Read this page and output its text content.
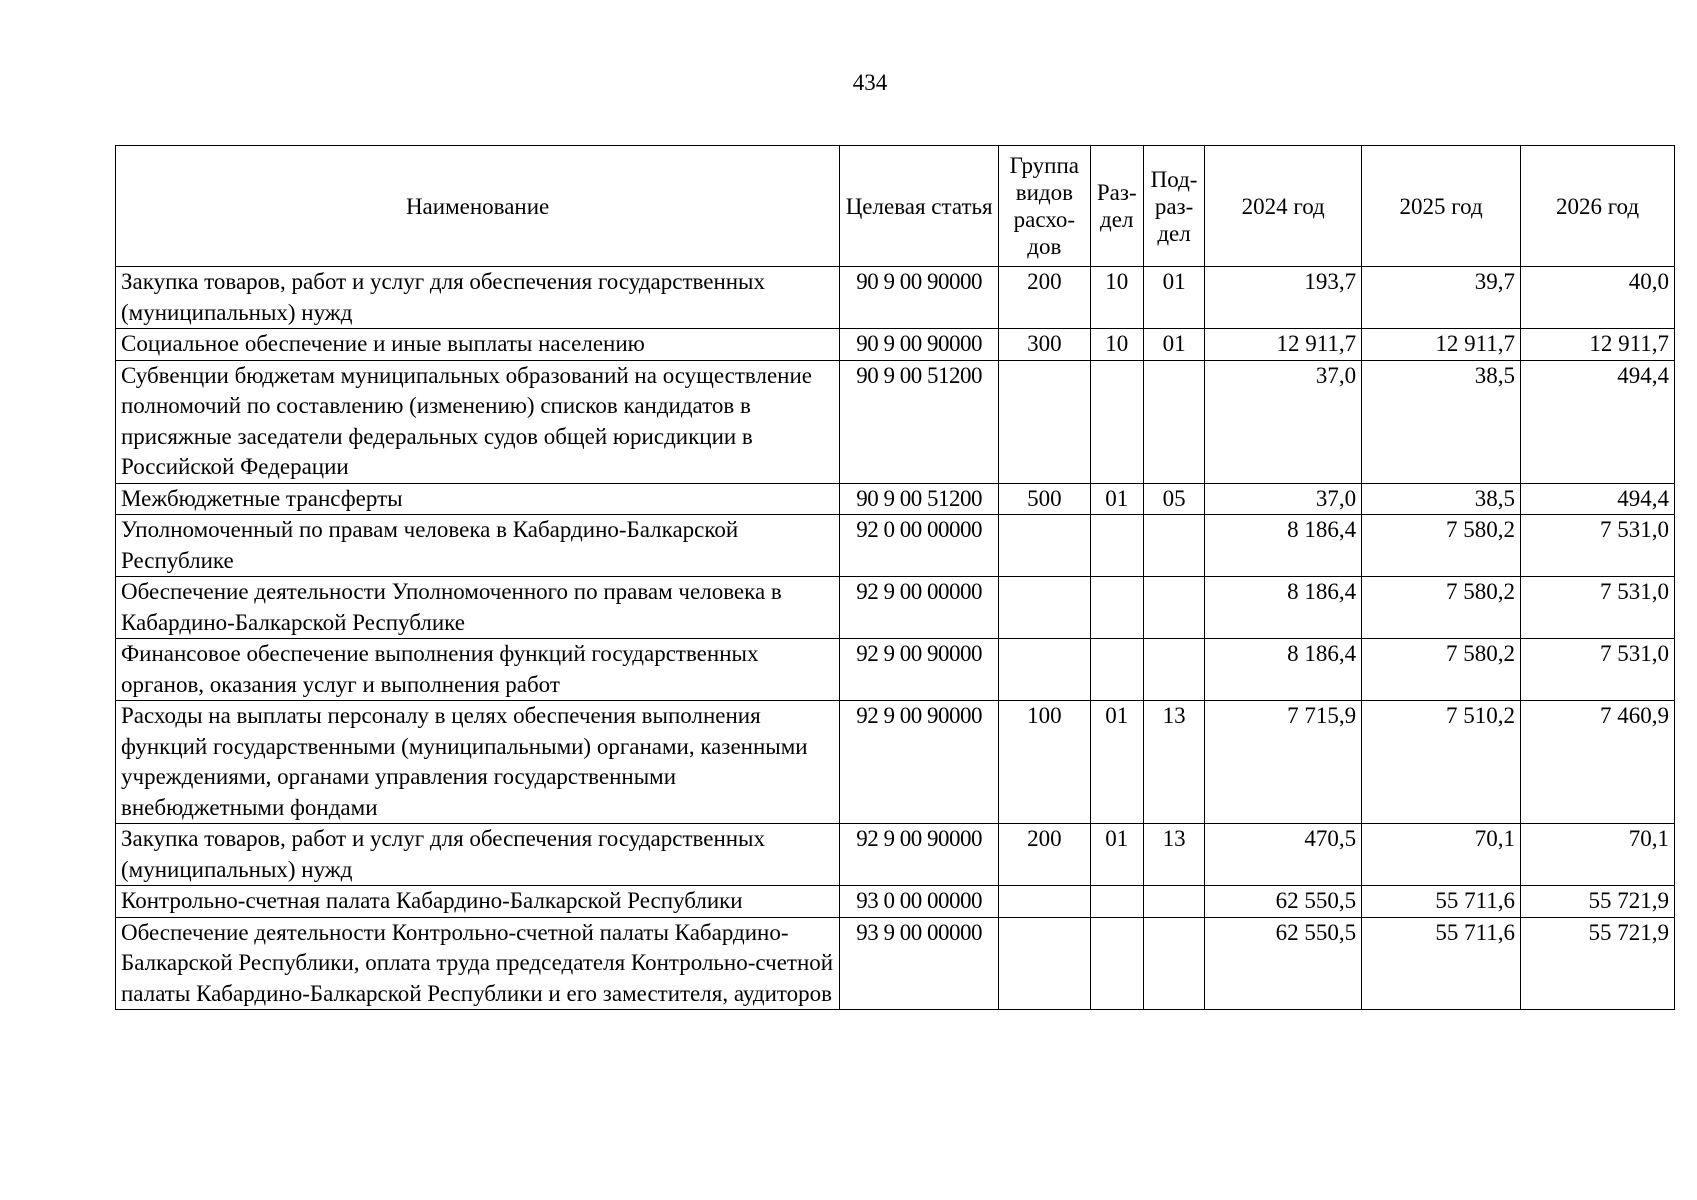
434
Наименование	Целевая статья	Группа видов расхо-дов	Раз-дел	Под-раз-дел	2024 год	2025 год	2026 год
Закупка товаров, работ и услуг для обеспечения государственных (муниципальных) нужд	90 9 00 90000	200	10	01	193,7	39,7	40,0
Социальное обеспечение и иные выплаты населению	90 9 00 90000	300	10	01	12 911,7	12 911,7	12 911,7
Субвенции бюджетам муниципальных образований на осуществление полномочий по составлению (изменению) списков кандидатов в присяжные заседатели федеральных судов общей юрисдикции в Российской Федерации	90 9 00 51200				37,0	38,5	494,4
Межбюджетные трансферты	90 9 00 51200	500	01	05	37,0	38,5	494,4
Уполномоченный по правам человека в Кабардино-Балкарской Республике	92 0 00 00000				8 186,4	7 580,2	7 531,0
Обеспечение деятельности Уполномоченного по правам человека в Кабардино-Балкарской Республике	92 9 00 00000				8 186,4	7 580,2	7 531,0
Финансовое обеспечение выполнения функций государственных органов, оказания услуг и выполнения работ	92 9 00 90000				8 186,4	7 580,2	7 531,0
Расходы на выплаты персоналу в целях обеспечения выполнения функций государственными (муниципальными) органами, казенными учреждениями, органами управления государственными внебюджетными фондами	92 9 00 90000	100	01	13	7 715,9	7 510,2	7 460,9
Закупка товаров, работ и услуг для обеспечения государственных (муниципальных) нужд	92 9 00 90000	200	01	13	470,5	70,1	70,1
Контрольно-счетная палата Кабардино-Балкарской Республики	93 0 00 00000				62 550,5	55 711,6	55 721,9
Обеспечение деятельности Контрольно-счетной палаты Кабардино-Балкарской Республики, оплата труда председателя Контрольно-счетной палаты Кабардино-Балкарской Республики и его заместителя, аудиторов	93 9 00 00000				62 550,5	55 711,6	55 721,9
